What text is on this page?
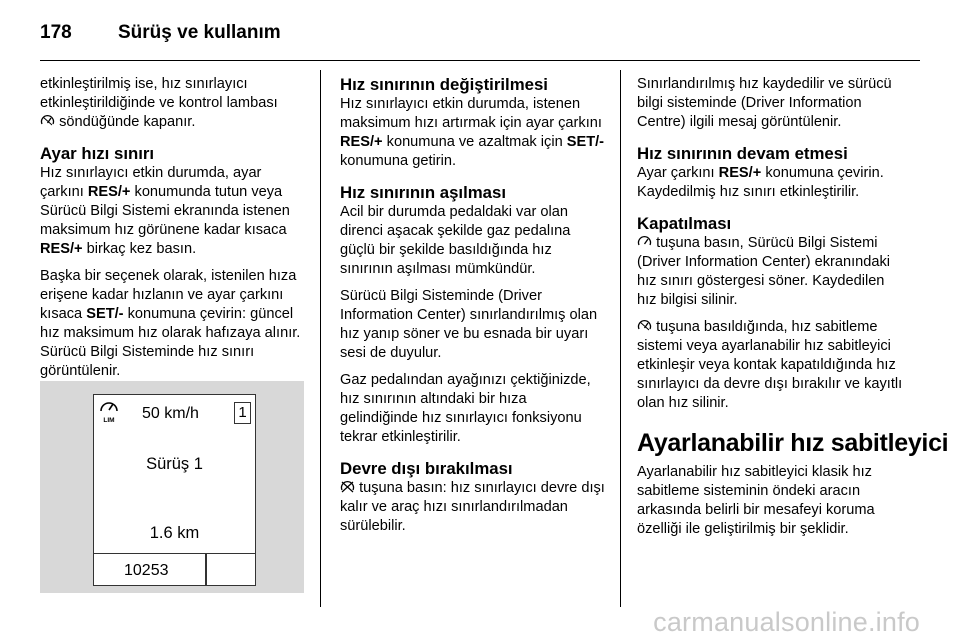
178 Sürüş ve kullanım

etkinleştirilmiş ise, hız sınırlayıcı etkinleştirildiğinde ve kontrol lambası
söndüğünde kapanır.

Ayar hızı sınırı

Hız sınırlayıcı etkin durumda, ayar çarkını RES/+ konumunda tutun veya Sürücü Bilgi Sistemi ekranında istenen maksimum hız görünene kadar kısaca RES/+ birkaç kez basın.

Başka bir seçenek olarak, istenilen hıza erişene kadar hızlanın ve ayar çarkını kısaca SET/- konumuna çevirin: güncel hız maksimum hız olarak hafızaya alınır. Sürücü Bilgi Sisteminde hız sınırı görüntülenir.

LIM 50 km/h	1
Sürüş 1
1.6 km
10253
Hız sınırının değiştirilmesi

Hız sınırlayıcı etkin durumda, istenen maksimum hızı artırmak için ayar çarkını RES/+ konumuna ve azaltmak için SET/- konumuna getirin.

Hız sınırının aşılması

Acil bir durumda pedaldaki var olan direnci aşacak şekilde gaz pedalına güçlü bir şekilde basıldığında hız sınırının aşılması mümkündür.

Sürücü Bilgi Sisteminde (Driver Information Center) sınırlandırılmış olan hız yanıp söner ve bu esnada bir uyarı sesi de duyulur.

Gaz pedalından ayağınızı çektiğinizde, hız sınırının altındaki bir hıza gelindiğinde hız sınırlayıcı fonksiyonu tekrar etkinleştirilir.

Devre dışı bırakılması

tuşuna basın: hız sınırlayıcı devre dışı kalır ve araç hızı sınırlandırılmadan sürülebilir.

Sınırlandırılmış hız kaydedilir ve sürücü bilgi sisteminde (Driver Information Centre) ilgili mesaj görüntülenir.

Hız sınırının devam etmesi

Ayar çarkını RES/+ konumuna çevirin. Kaydedilmiş hız sınırı etkinleştirilir.

Kapatılması

tuşuna basın, Sürücü Bilgi Sistemi (Driver Information Center) ekranındaki hız sınırı göstergesi söner. Kaydedilen hız bilgisi silinir.

tuşuna basıldığında, hız sabitleme sistemi veya ayarlanabilir hız sabitleyici etkinleşir veya kontak kapatıldığında hız sınırlayıcı da devre dışı bırakılır ve kayıtlı olan hız silinir.

Ayarlanabilir hız sabitleyici

Ayarlanabilir hız sabitleyici klasik hız sabitleme sisteminin öndeki aracın arkasında belirli bir mesafeyi koruma özelliği ile geliştirilmiş bir şeklidir.

carmanualsonline.info
